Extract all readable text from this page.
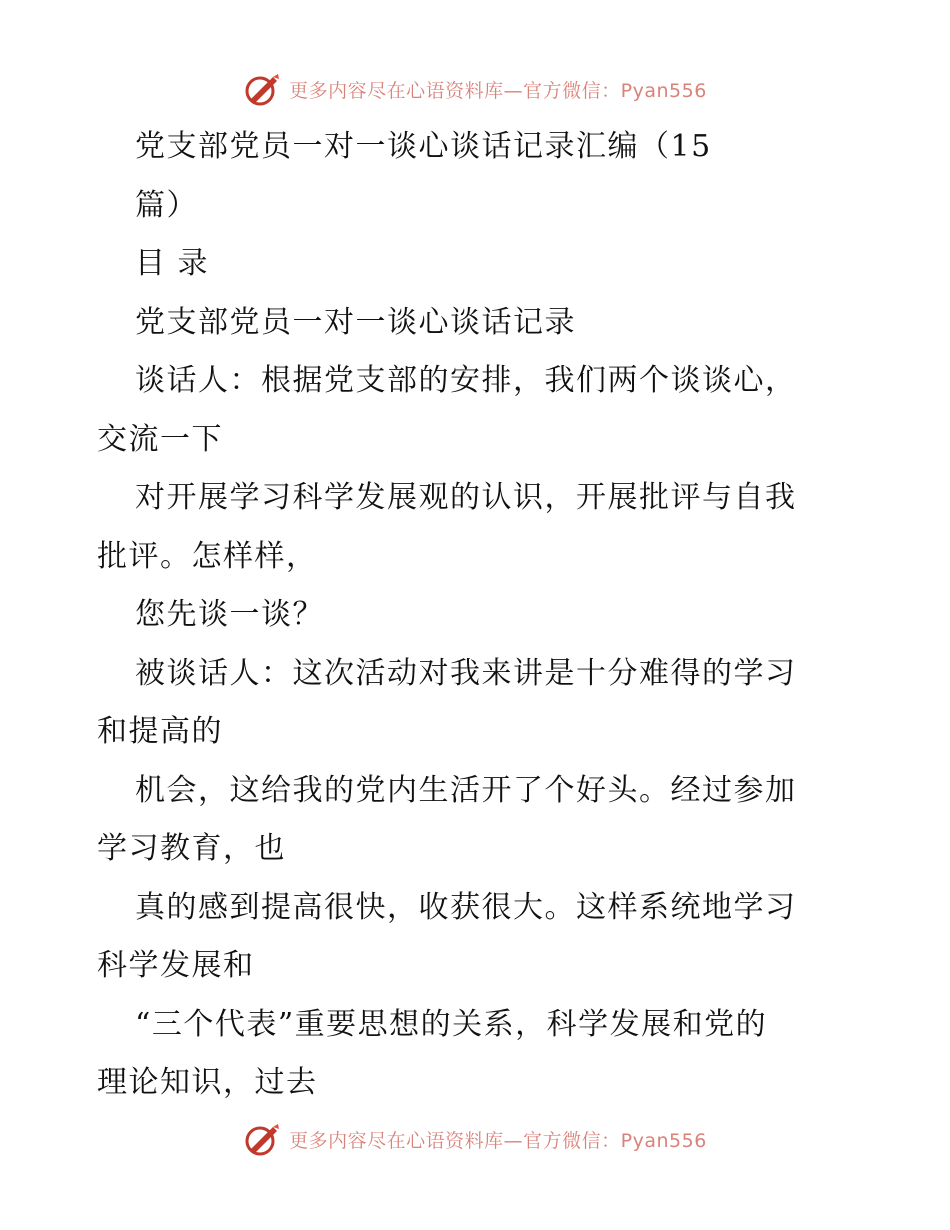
更多内容尽在心语资料库—官方微信：Pyan556
党支部党员一对一谈心谈话记录汇编（15
篇）
目 录
党支部党员一对一谈心谈话记录
谈话人：根据党支部的安排，我们两个谈谈心，
交流一下
对开展学习科学发展观的认识，开展批评与自我
批评。怎样样，
您先谈一谈？
被谈话人：这次活动对我来讲是十分难得的学习
和提高的
机会，这给我的党内生活开了个好头。经过参加
学习教育，也
真的感到提高很快，收获很大。这样系统地学习
科学发展和
“三个代表”重要思想的关系，科学发展和党的
理论知识，过去
更多内容尽在心语资料库—官方微信：Pyan556
